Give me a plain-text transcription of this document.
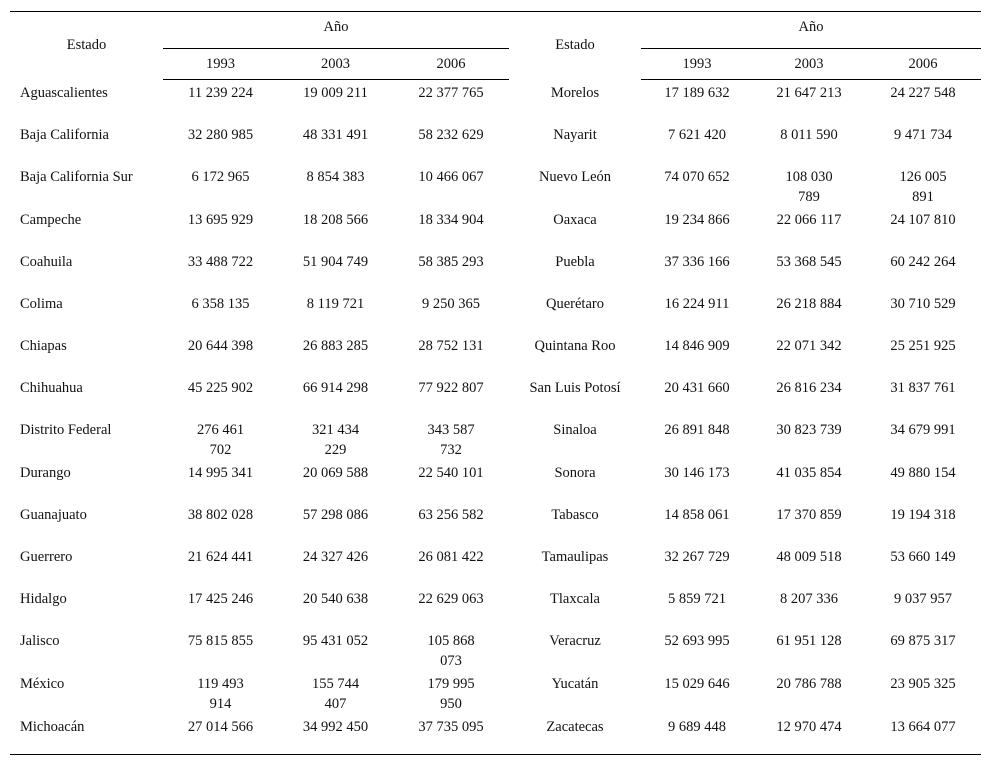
Estado	Año			Estado	Año		
	1993	2003	2006		1993	2003	2006
Aguascalientes	11 239 224	19 009 211	22 377 765	Morelos	17 189 632	21 647 213	24 227 548
Baja California	32 280 985	48 331 491	58 232 629	Nayarit	7 621 420	8 011 590	9 471 734
Baja California Sur	6 172 965	8 854 383	10 466 067	Nuevo León	74 070 652	108 030 789	126 005 891
Campeche	13 695 929	18 208 566	18 334 904	Oaxaca	19 234 866	22 066 117	24 107 810
Coahuila	33 488 722	51 904 749	58 385 293	Puebla	37 336 166	53 368 545	60 242 264
Colima	6 358 135	8 119 721	9 250 365	Querétaro	16 224 911	26 218 884	30 710 529
Chiapas	20 644 398	26 883 285	28 752 131	Quintana Roo	14 846 909	22 071 342	25 251 925
Chihuahua	45 225 902	66 914 298	77 922 807	San Luis Potosí	20 431 660	26 816 234	31 837 761
Distrito Federal	276 461 702	321 434 229	343 587 732	Sinaloa	26 891 848	30 823 739	34 679 991
Durango	14 995 341	20 069 588	22 540 101	Sonora	30 146 173	41 035 854	49 880 154
Guanajuato	38 802 028	57 298 086	63 256 582	Tabasco	14 858 061	17 370 859	19 194 318
Guerrero	21 624 441	24 327 426	26 081 422	Tamaulipas	32 267 729	48 009 518	53 660 149
Hidalgo	17 425 246	20 540 638	22 629 063	Tlaxcala	5 859 721	8 207 336	9 037 957
Jalisco	75 815 855	95 431 052	105 868 073	Veracruz	52 693 995	61 951 128	69 875 317
México	119 493 914	155 744 407	179 995 950	Yucatán	15 029 646	20 786 788	23 905 325
Michoacán	27 014 566	34 992 450	37 735 095	Zacatecas	9 689 448	12 970 474	13 664 077
